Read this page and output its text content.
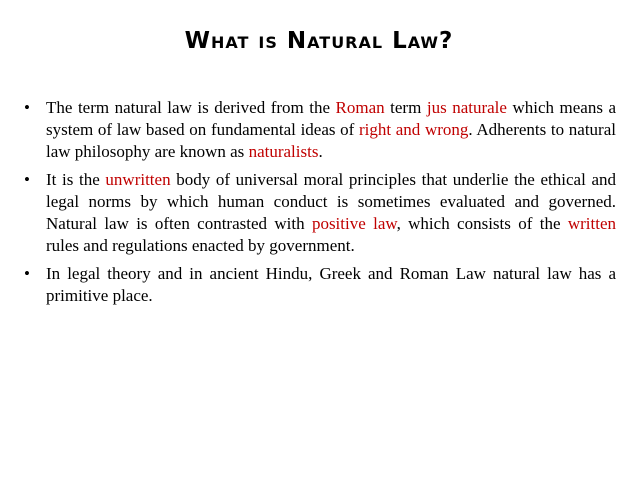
What is Natural Law?
• The term natural law is derived from the Roman term jus naturale which means a system of law based on fundamental ideas of right and wrong. Adherents to natural law philosophy are known as naturalists.
• It is the unwritten body of universal moral principles that underlie the ethical and legal norms by which human conduct is sometimes evaluated and governed. Natural law is often contrasted with positive law, which consists of the written rules and regulations enacted by government.
• In legal theory and in ancient Hindu, Greek and Roman Law natural law has a primitive place.
